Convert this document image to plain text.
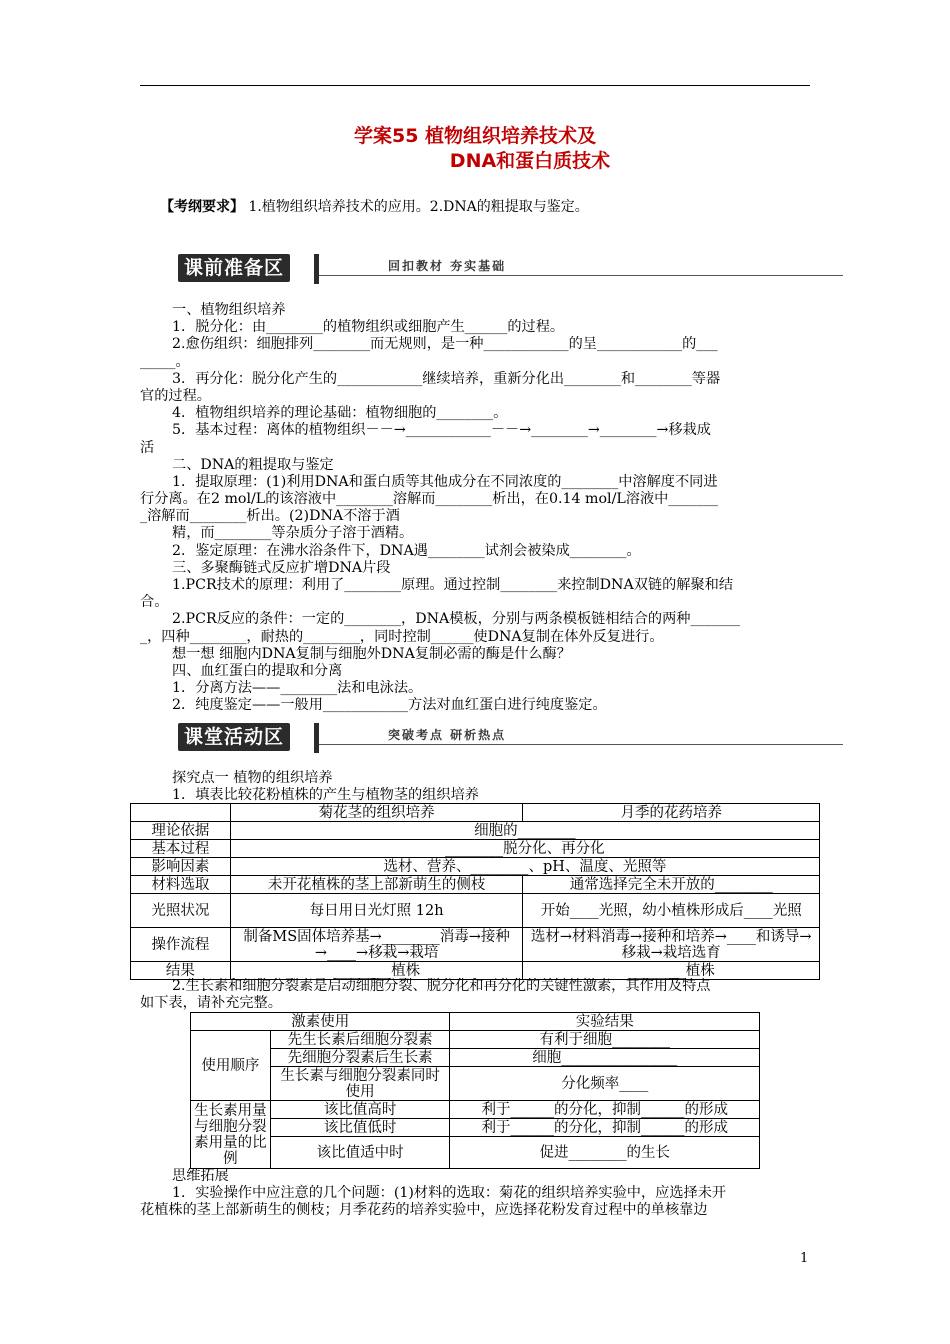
学案55 植物组织培养技术及
DNA和蛋白质技术
【考纲要求】 1.植物组织培养技术的应用。2.DNA的粗提取与鉴定。
课前准备区	回扣教材 夯实基础
一、植物组织培养
1．脱分化：由________的植物组织或细胞产生______的过程。
2.愈伤组织：细胞排列________而无规则，是一种____________的呈____________的___
_____。
3．再分化：脱分化产生的____________继续培养，重新分化出________和________等器
官的过程。
4．植物组织培养的理论基础：植物细胞的________。
5．基本过程：离体的植物组织－－→____________－－→________→________→移栽成
活
二、DNA的粗提取与鉴定
1．提取原理：(1)利用DNA和蛋白质等其他成分在不同浓度的________中溶解度不同进
行分离。在2 mol/L的该溶液中________溶解而________析出，在0.14 mol/L溶液中_______
_溶解而________析出。(2)DNA不溶于酒
精，而________等杂质分子溶于酒精。
2．鉴定原理：在沸水浴条件下，DNA遇________试剂会被染成________。
三、多聚酶链式反应扩增DNA片段
1.PCR技术的原理：利用了________原理。通过控制________来控制DNA双链的解聚和结
合。
2.PCR反应的条件：一定的________，DNA模板，分别与两条模板链相结合的两种_______
_，四种________，耐热的________，同时控制______使DNA复制在体外反复进行。
想一想 细胞内DNA复制与细胞外DNA复制必需的酶是什么酶？
四、血红蛋白的提取和分离
1．分离方法——________法和电泳法。
2．纯度鉴定——一般用____________方法对血红蛋白进行纯度鉴定。
课堂活动区	突破考点 研析热点
探究点一 植物的组织培养
1．填表比较花粉植株的产生与植物茎的组织培养
	菊花茎的组织培养	月季的花药培养
理论依据	细胞的________	
基本过程	________脱分化、再分化	
影响因素	选材、营养、________、pH、温度、光照等	
材料选取	未开花植株的茎上部新萌生的侧枝	通常选择完全未开放的________
光照状况	每日用日光灯照 12h	开始____光照，幼小植株形成后____光照
操作流程	制备MS固体培养基→________消毒→接种→____→移栽→栽培	选材→材料消毒→接种和培养→____和诱导→移栽→栽培选育
结果	________植株	________植株
2.生长素和细胞分裂素是启动细胞分裂、脱分化和再分化的关键性激素，其作用及特点
如下表，请补充完整。
激素使用		实验结果
使用顺序	先生长素后细胞分裂素	有利于细胞________
	先细胞分裂素后生长素	细胞________________
	生长素与细胞分裂素同时使用	分化频率____
生长素用量与细胞分裂素用量的比例	该比值高时	利于______的分化，抑制______的形成
	该比值低时	利于______的分化，抑制______的形成
	该比值适中时	促进________的生长
思维拓展
1．实验操作中应注意的几个问题：(1)材料的选取：菊花的组织培养实验中，应选择未开
花植株的茎上部新萌生的侧枝；月季花药的培养实验中，应选择花粉发育过程中的单核靠边
1
